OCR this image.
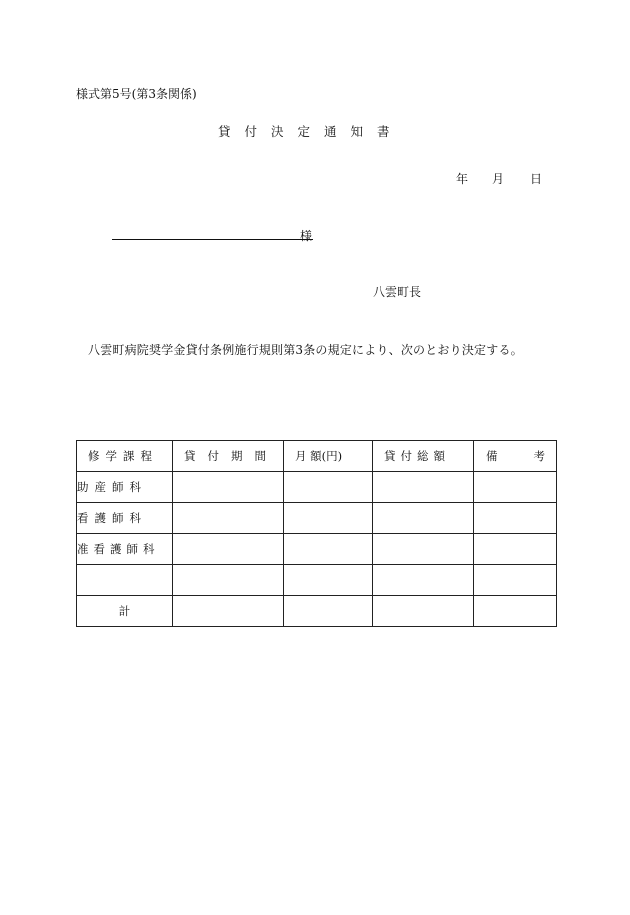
様式第5号(第3条関係)
貸付決定通知書
年 月 日
様
八雲町長
八雲町病院奨学金貸付条例施行規則第3条の規定により、次のとおり決定する。
修学課程	貸付期間	月 額(円)	貸付総額	備 考
助産師科				
看護師科				
准看護師科				

計				
